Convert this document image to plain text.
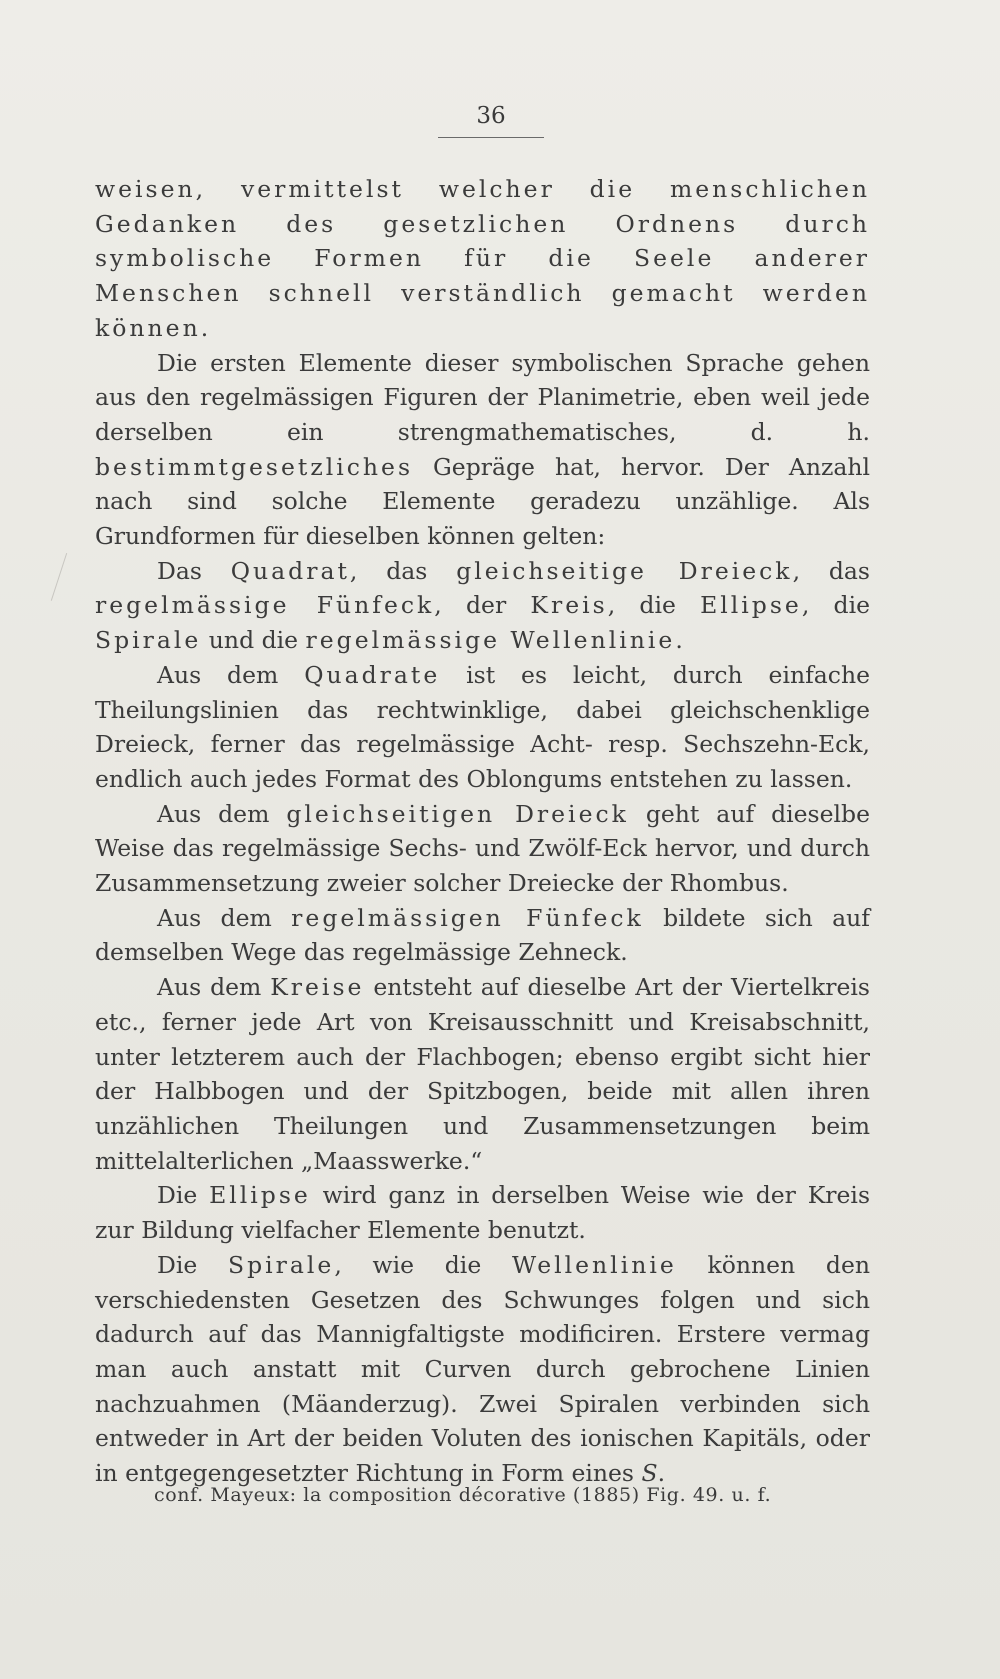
36

weisen, vermittelst welcher die menschlichen Gedanken des gesetzlichen Ordnens durch symbolische Formen für die Seele anderer Menschen schnell verständlich gemacht werden können.

Die ersten Elemente dieser symbolischen Sprache gehen aus den regelmässigen Figuren der Planimetrie, eben weil jede derselben ein strengmathematisches, d. h. bestimmtgesetzliches Gepräge hat, hervor. Der Anzahl nach sind solche Elemente geradezu unzählige. Als Grundformen für dieselben können gelten:

Das Quadrat, das gleichseitige Dreieck, das regelmässige Fünfeck, der Kreis, die Ellipse, die Spirale und die regelmässige Wellenlinie.

Aus dem Quadrate ist es leicht, durch einfache Theilungslinien das rechtwinklige, dabei gleichschenklige Dreieck, ferner das regelmässige Acht- resp. Sechszehn-Eck, endlich auch jedes Format des Oblongums entstehen zu lassen.

Aus dem gleichseitigen Dreieck geht auf dieselbe Weise das regelmässige Sechs- und Zwölf-Eck hervor, und durch Zusammensetzung zweier solcher Dreiecke der Rhombus.

Aus dem regelmässigen Fünfeck bildete sich auf demselben Wege das regelmässige Zehneck.

Aus dem Kreise entsteht auf dieselbe Art der Viertelkreis etc., ferner jede Art von Kreisausschnitt und Kreisabschnitt, unter letzterem auch der Flachbogen; ebenso ergibt sicht hier der Halbbogen und der Spitzbogen, beide mit allen ihren unzählichen Theilungen und Zusammensetzungen beim mittelalterlichen „Maasswerke.“

Die Ellipse wird ganz in derselben Weise wie der Kreis zur Bildung vielfacher Elemente benutzt.

Die Spirale, wie die Wellenlinie können den verschiedensten Gesetzen des Schwunges folgen und sich dadurch auf das Mannigfaltigste modificiren. Erstere vermag man auch anstatt mit Curven durch gebrochene Linien nachzuahmen (Mäanderzug). Zwei Spiralen verbinden sich entweder in Art der beiden Voluten des ionischen Kapitäls, oder in entgegengesetzter Richtung in Form eines S.

conf. Mayeux: la composition décorative (1885) Fig. 49. u. f.
